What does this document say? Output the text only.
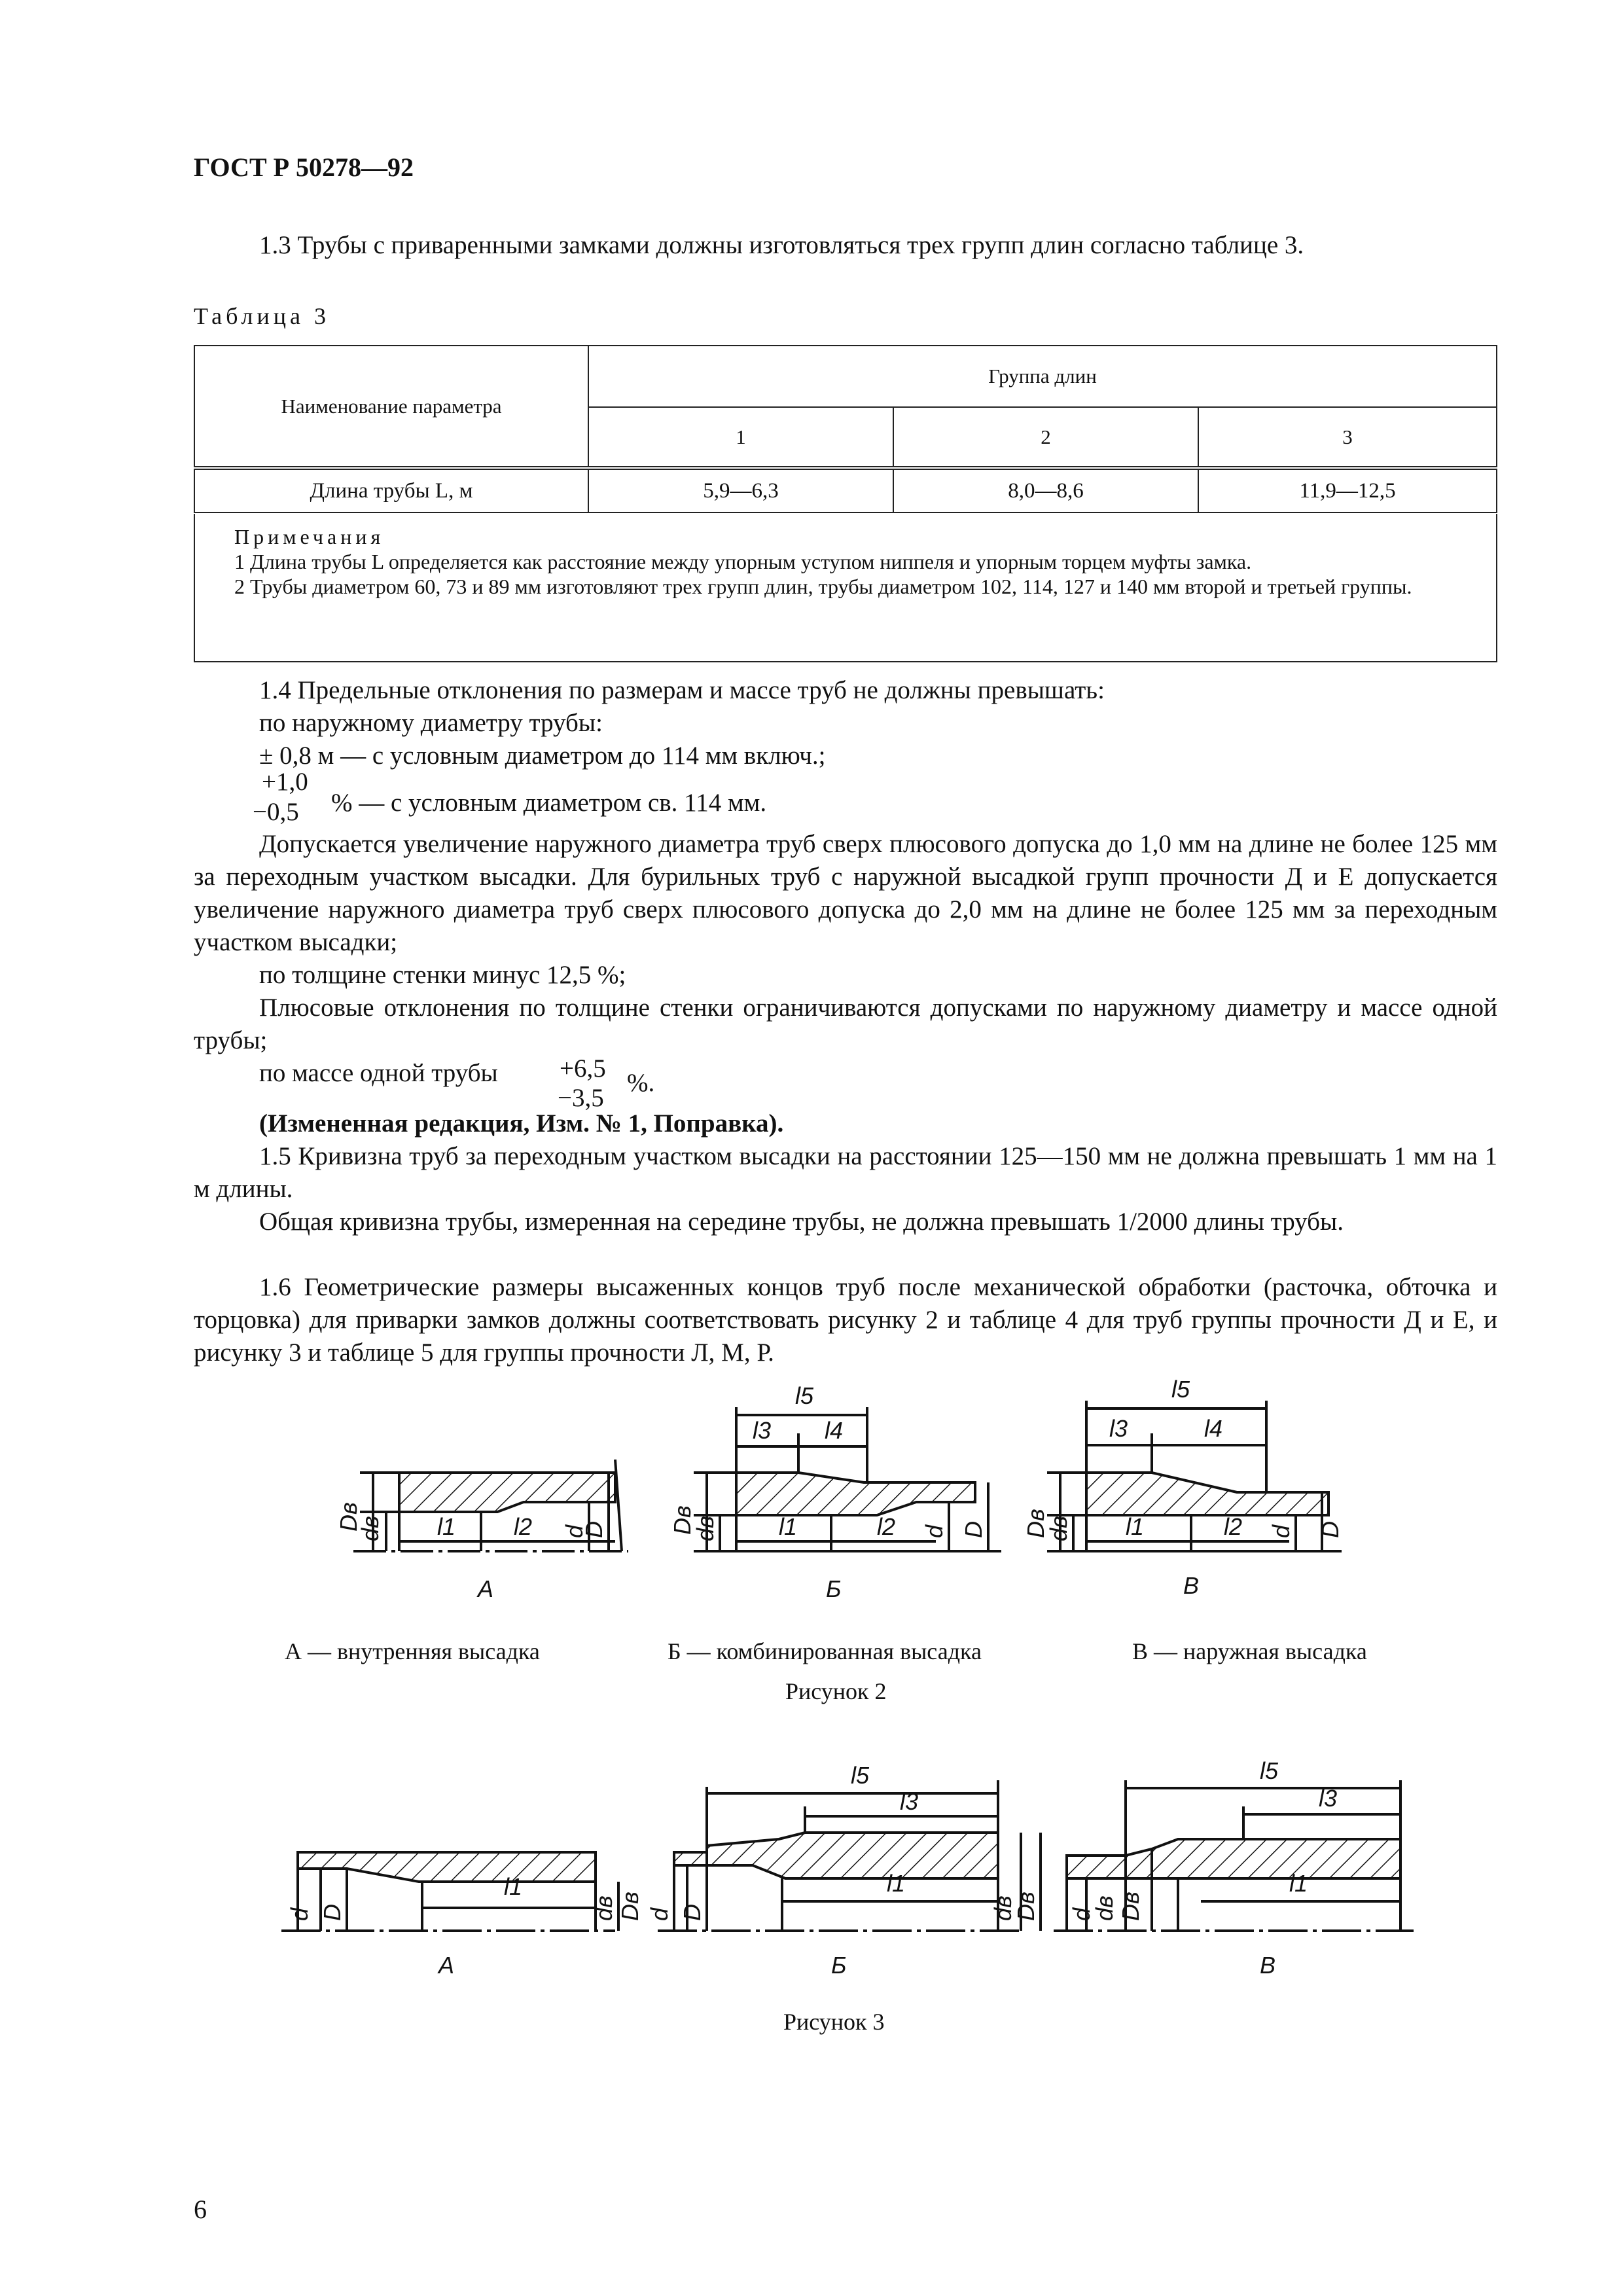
ГОСТ Р 50278—92
1.3 Трубы с приваренными замками должны изготовляться трех групп длин согласно таблице 3.
Таблица 3
Наименование параметра	Группа длин		
	1	2	3
Длина трубы L, м	5,9—6,3	8,0—8,6	11,9—12,5
Примечания
1 Длина трубы L определяется как расстояние между упорным уступом ниппеля и упорным торцем муфты замка.
2 Трубы диаметром 60, 73 и 89 мм изготовляют трех групп длин, трубы диаметром 102, 114, 127 и 140 мм второй и третьей группы.
1.4 Предельные отклонения по размерам и массе труб не должны превышать:
по наружному диаметру трубы:
± 0,8 м — с условным диаметром до 114 мм включ.;
+1,0
−0,5 % — с условным диаметром св. 114 мм.
Допускается увеличение наружного диаметра труб сверх плюсового допуска до 1,0 мм на длине не более 125 мм за переходным участком высадки. Для бурильных труб с наружной высадкой групп прочности Д и Е допускается увеличение наружного диаметра труб сверх плюсового допуска до 2,0 мм на длине не более 125 мм за переходным участком высадки;
по толщине стенки минус 12,5 %;
Плюсовые отклонения по толщине стенки ограничиваются допусками по наружному диаметру и массе одной трубы;
по массе одной трубы +6,5
−3,5
%.
(Измененная редакция, Изм. № 1, Поправка).
1.5 Кривизна труб за переходным участком высадки на расстоянии 125—150 мм не должна превышать 1 мм на 1 м длины.
Общая кривизна трубы, измеренная на середине трубы, не должна превышать 1/2000 длины трубы.
1.6 Геометрические размеры высаженных концов труб после механической обработки (расточка, обточка и торцовка) для приварки замков должны соответствовать рисунку 2 и таблице 4 для труб группы прочности Д и Е, и рисунку 3 и таблице 5 для группы прочности Л, М, Р.
Dв
dв	d
D
l1 l2	Dв
dв	d D
l1	l2
l3 l4
l5
Dв
dв	d D
l1	l2
l3	l4
l5
А	Б	В
А — внутренняя высадка	Б — комбинированная высадка	В — наружная высадка
Рисунок 2
d D
l1
dв Dв d D
l1
dв
Dв
l3
l5
d
dв Dв
l1
l3
l5
А	Б	В
Рисунок 3
6
